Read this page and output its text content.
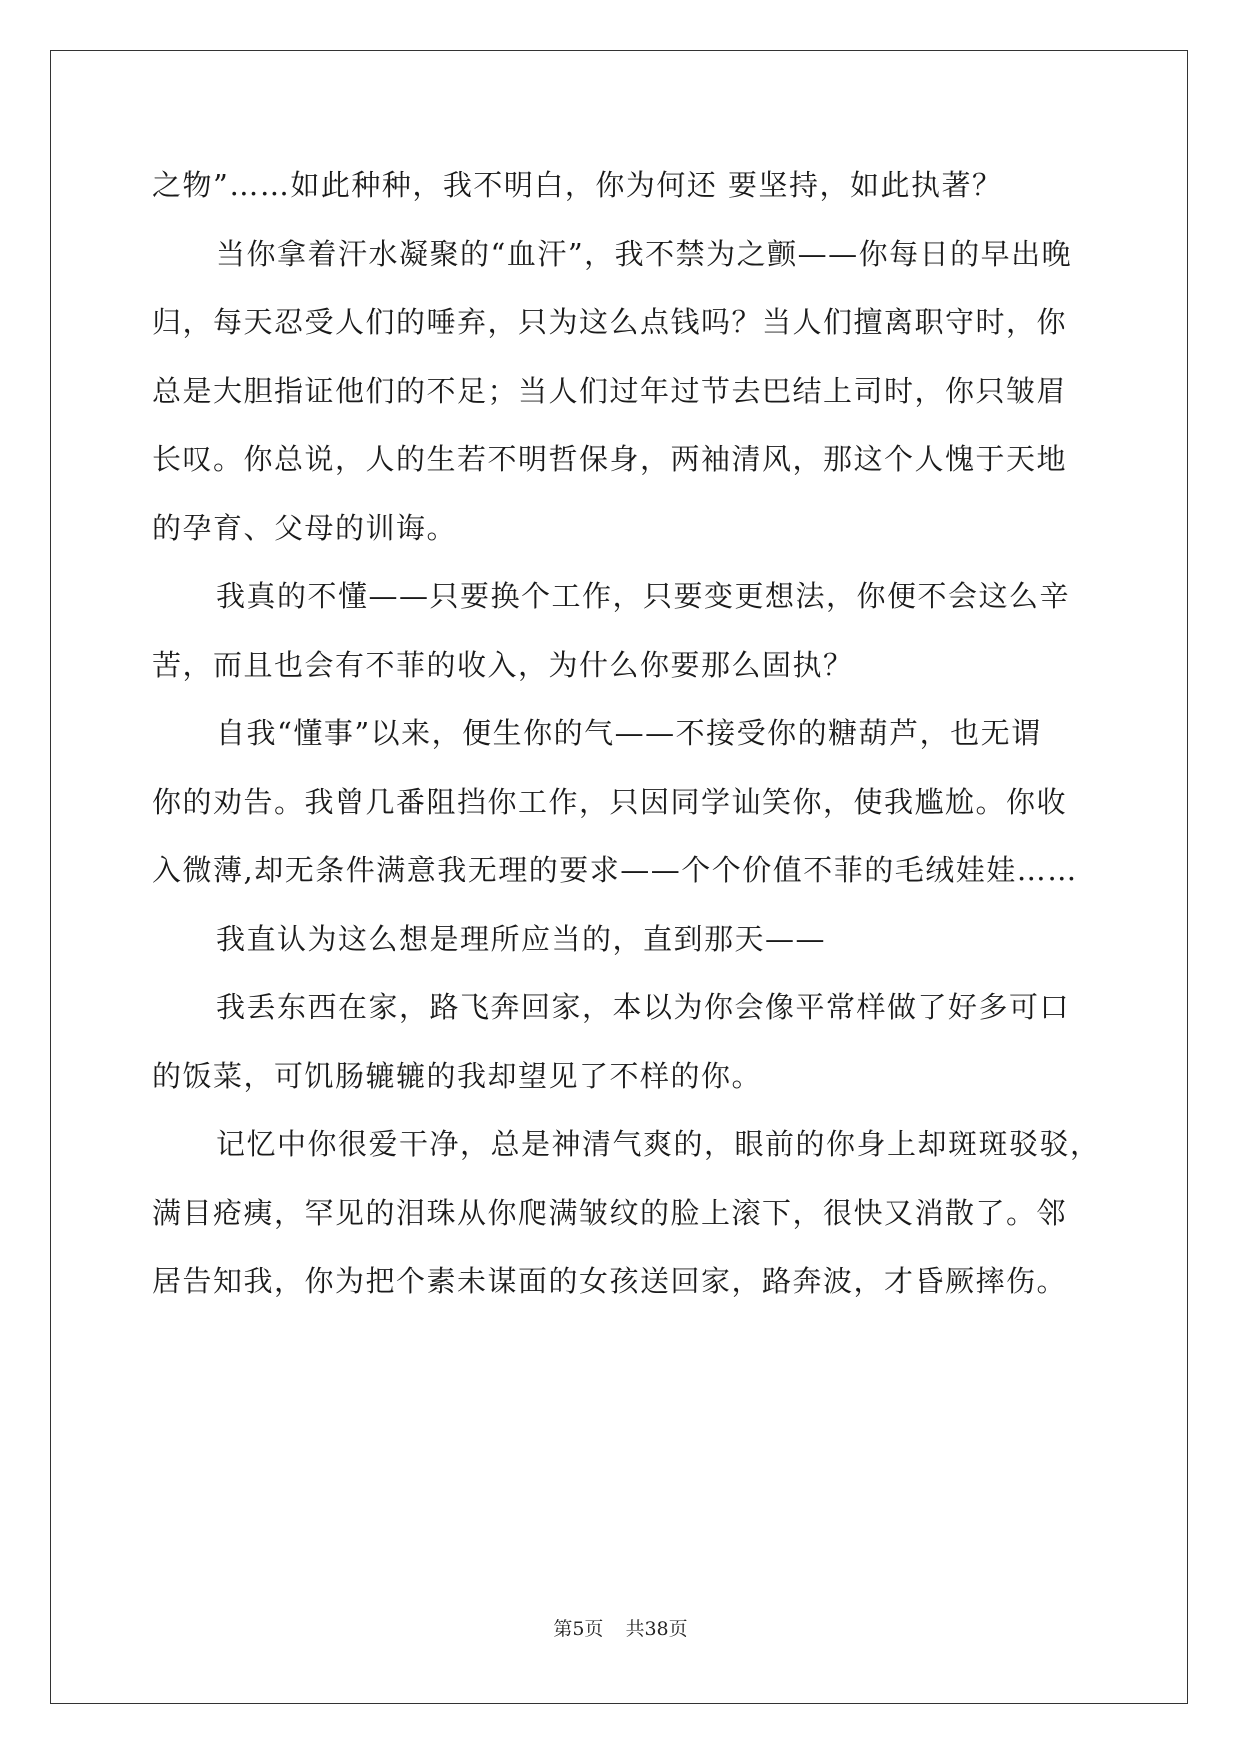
之物”……如此种种，我不明白，你为何还 要坚持，如此执著？
当你拿着汗水凝聚的“血汗”，我不禁为之颤——你每日的早出晚
归，每天忍受人们的唾弃，只为这么点钱吗？当人们擅离职守时，你
总是大胆指证他们的不足；当人们过年过节去巴结上司时，你只皱眉
长叹。你总说，人的生若不明哲保身，两袖清风，那这个人愧于天地
的孕育、父母的训诲。
我真的不懂——只要换个工作，只要变更想法，你便不会这么辛
苦，而且也会有不菲的收入，为什么你要那么固执？
自我“懂事”以来，便生你的气——不接受你的糖葫芦，也无谓
你的劝告。我曾几番阻挡你工作，只因同学讪笑你，使我尴尬。你收
入微薄,却无条件满意我无理的要求——个个价值不菲的毛绒娃娃……
我直认为这么想是理所应当的，直到那天——
我丢东西在家，路飞奔回家，本以为你会像平常样做了好多可口
的饭菜，可饥肠辘辘的我却望见了不样的你。
记忆中你很爱干净，总是神清气爽的，眼前的你身上却斑斑驳驳，
满目疮痍，罕见的泪珠从你爬满皱纹的脸上滚下，很快又消散了。邻
居告知我，你为把个素未谋面的女孩送回家，路奔波，才昏厥摔伤。
第5页 共38页
